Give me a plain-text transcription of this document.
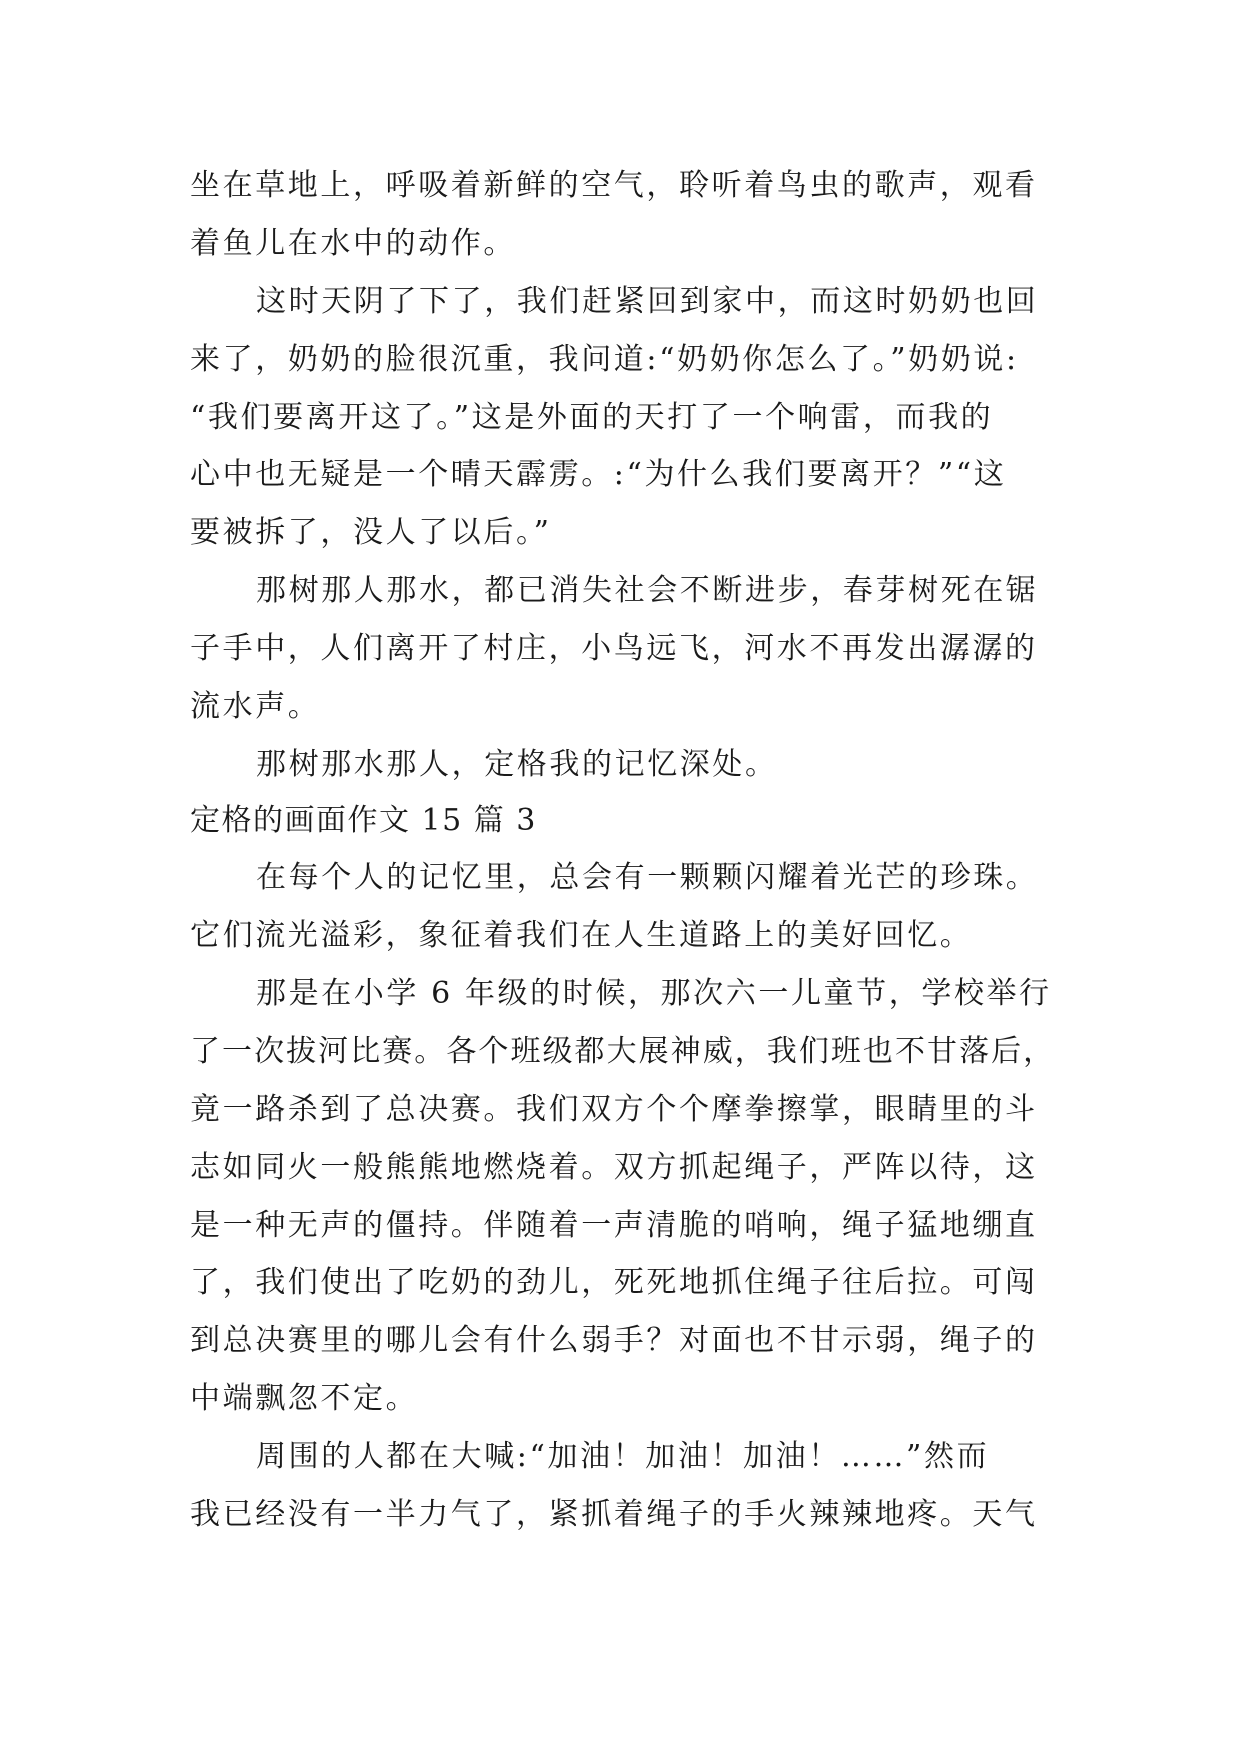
坐在草地上，呼吸着新鲜的空气，聆听着鸟虫的歌声，观看

着鱼儿在水中的动作。

这时天阴了下了，我们赶紧回到家中，而这时奶奶也回

来了，奶奶的脸很沉重，我问道:“奶奶你怎么了。”奶奶说:

“我们要离开这了。”这是外面的天打了一个响雷，而我的

心中也无疑是一个晴天霹雳。:“为什么我们要离开？”“这

要被拆了，没人了以后。”

那树那人那水，都已消失社会不断进步，春芽树死在锯

子手中，人们离开了村庄，小鸟远飞，河水不再发出潺潺的

流水声。

那树那水那人，定格我的记忆深处。

定格的画面作文 15 篇 3

在每个人的记忆里，总会有一颗颗闪耀着光芒的珍珠。

它们流光溢彩，象征着我们在人生道路上的美好回忆。

那是在小学 6 年级的时候，那次六一儿童节，学校举行

了一次拔河比赛。各个班级都大展神威，我们班也不甘落后，

竟一路杀到了总决赛。我们双方个个摩拳擦掌，眼睛里的斗

志如同火一般熊熊地燃烧着。双方抓起绳子，严阵以待，这

是一种无声的僵持。伴随着一声清脆的哨响，绳子猛地绷直

了，我们使出了吃奶的劲儿，死死地抓住绳子往后拉。可闯

到总决赛里的哪儿会有什么弱手？对面也不甘示弱，绳子的

中端飘忽不定。

周围的人都在大喊:“加油！加油！加油！……”然而

我已经没有一半力气了，紧抓着绳子的手火辣辣地疼。天气
